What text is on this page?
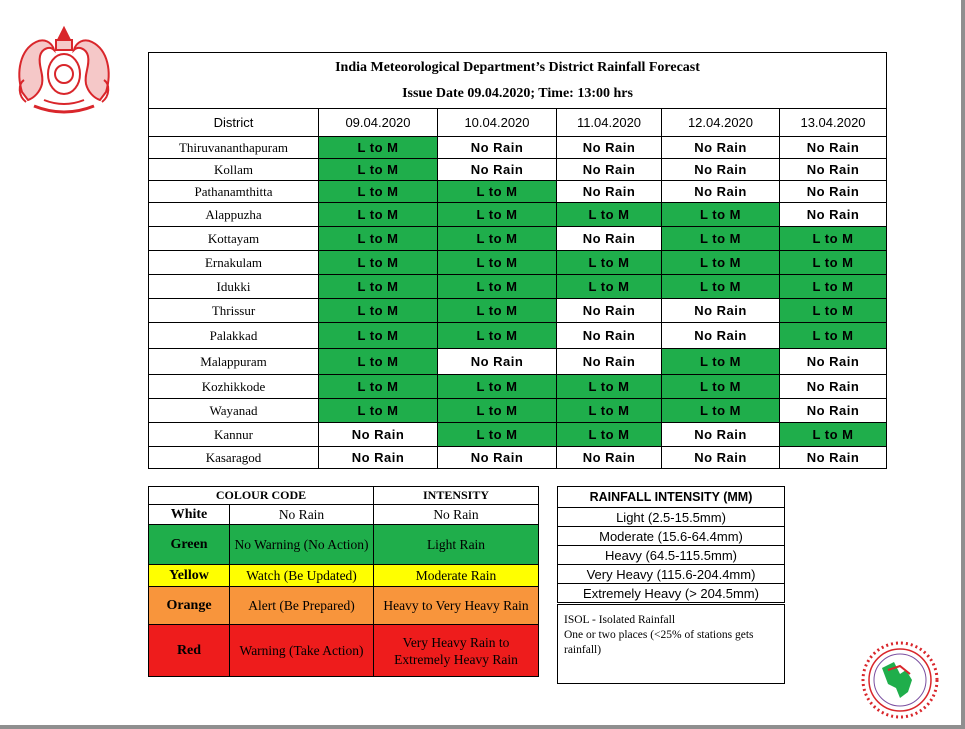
India Meteorological Department’s District Rainfall Forecast
Issue Date 09.04.2020; Time: 13:00 hrs					

District	09.04.2020	10.04.2020	11.04.2020	12.04.2020	13.04.2020
Thiruvananthapuram	L to M	No Rain	No Rain	No Rain	No Rain
Kollam	L to M	No Rain	No Rain	No Rain	No Rain
Pathanamthitta	L to M	L to M	No Rain	No Rain	No Rain
Alappuzha	L to M	L to M	L to M	L to M	No Rain
Kottayam	L to M	L to M	No Rain	L to M	L to M
Ernakulam	L to M	L to M	L to M	L to M	L to M
Idukki	L to M	L to M	L to M	L to M	L to M
Thrissur	L to M	L to M	No Rain	No Rain	L to M
Palakkad	L to M	L to M	No Rain	No Rain	L to M
Malappuram	L to M	No Rain	No Rain	L to M	No Rain
Kozhikkode	L to M	L to M	L to M	L to M	No Rain
Wayanad	L to M	L to M	L to M	L to M	No Rain
Kannur	No Rain	L to M	L to M	No Rain	L to M
Kasaragod	No Rain	No Rain	No Rain	No Rain	No Rain
COLOUR CODE		INTENSITY
White	No Rain	No Rain
Green	No Warning (No Action)	Light Rain
Yellow	Watch (Be Updated)	Moderate Rain
Orange	Alert (Be Prepared)	Heavy to Very Heavy Rain
Red	Warning (Take Action)	Very Heavy Rain to Extremely Heavy Rain
RAINFALL INTENSITY (MM)
Light (2.5-15.5mm)
Moderate (15.6-64.4mm)
Heavy (64.5-115.5mm)
Very Heavy (115.6-204.4mm)
Extremely Heavy (> 204.5mm)
ISOL - Isolated Rainfall
One or two places (<25% of stations gets rainfall)
